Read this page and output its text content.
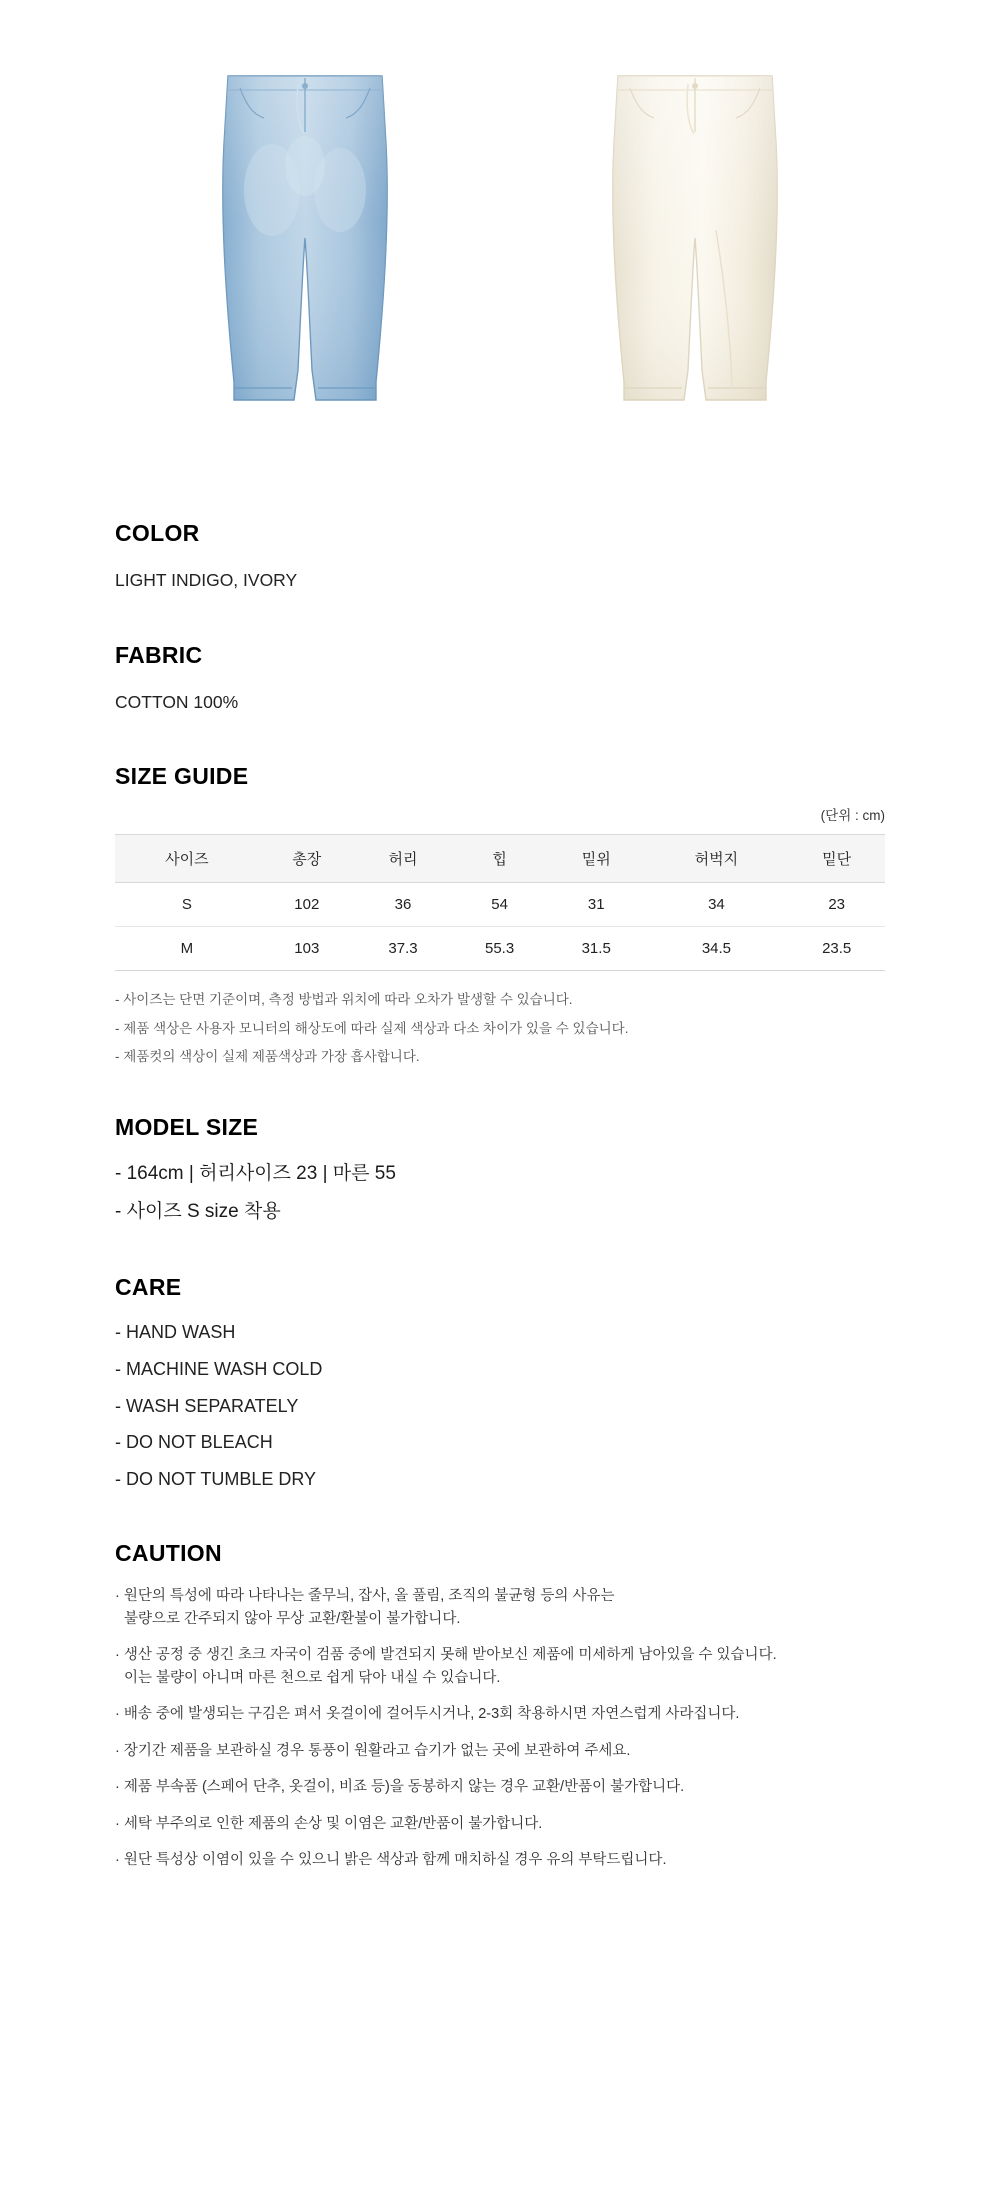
COLOR

LIGHT INDIGO, IVORY

FABRIC

COTTON 100%

SIZE GUIDE
(단위 : cm)
사이즈	총장	허리	힙	밑위	허벅지	밑단
S	102	36	54	31	34	23
M	103	37.3	55.3	31.5	34.5	23.5

- 사이즈는 단면 기준이며, 측정 방법과 위치에 따라 오차가 발생할 수 있습니다.

- 제품 색상은 사용자 모니터의 해상도에 따라 실제 색상과 다소 차이가 있을 수 있습니다.

- 제품컷의 색상이 실제 제품색상과 가장 흡사합니다.

MODEL SIZE

- 164cm | 허리사이즈 23 | 마른 55

- 사이즈 S size 착용

CARE

- HAND WASH

- MACHINE WASH COLD

- WASH SEPARATELY

- DO NOT BLEACH

- DO NOT TUMBLE DRY

CAUTION

· 원단의 특성에 따라 나타나는 줄무늬, 잡사, 올 풀림, 조직의 불균형 등의 사유는
불량으로 간주되지 않아 무상 교환/환불이 불가합니다.

· 생산 공정 중 생긴 초크 자국이 검품 중에 발견되지 못해 받아보신 제품에 미세하게 남아있을 수 있습니다.
이는 불량이 아니며 마른 천으로 쉽게 닦아 내실 수 있습니다.

· 배송 중에 발생되는 구김은 펴서 옷걸이에 걸어두시거나, 2-3회 착용하시면 자연스럽게 사라집니다.

· 장기간 제품을 보관하실 경우 통풍이 원활라고 습기가 없는 곳에 보관하여 주세요.

· 제품 부속품 (스페어 단추, 옷걸이, 비죠 등)을 동봉하지 않는 경우 교환/반품이 불가합니다.

· 세탁 부주의로 인한 제품의 손상 및 이염은 교환/반품이 불가합니다.

· 원단 특성상 이염이 있을 수 있으니 밝은 색상과 함께 매치하실 경우 유의 부탁드립니다.
